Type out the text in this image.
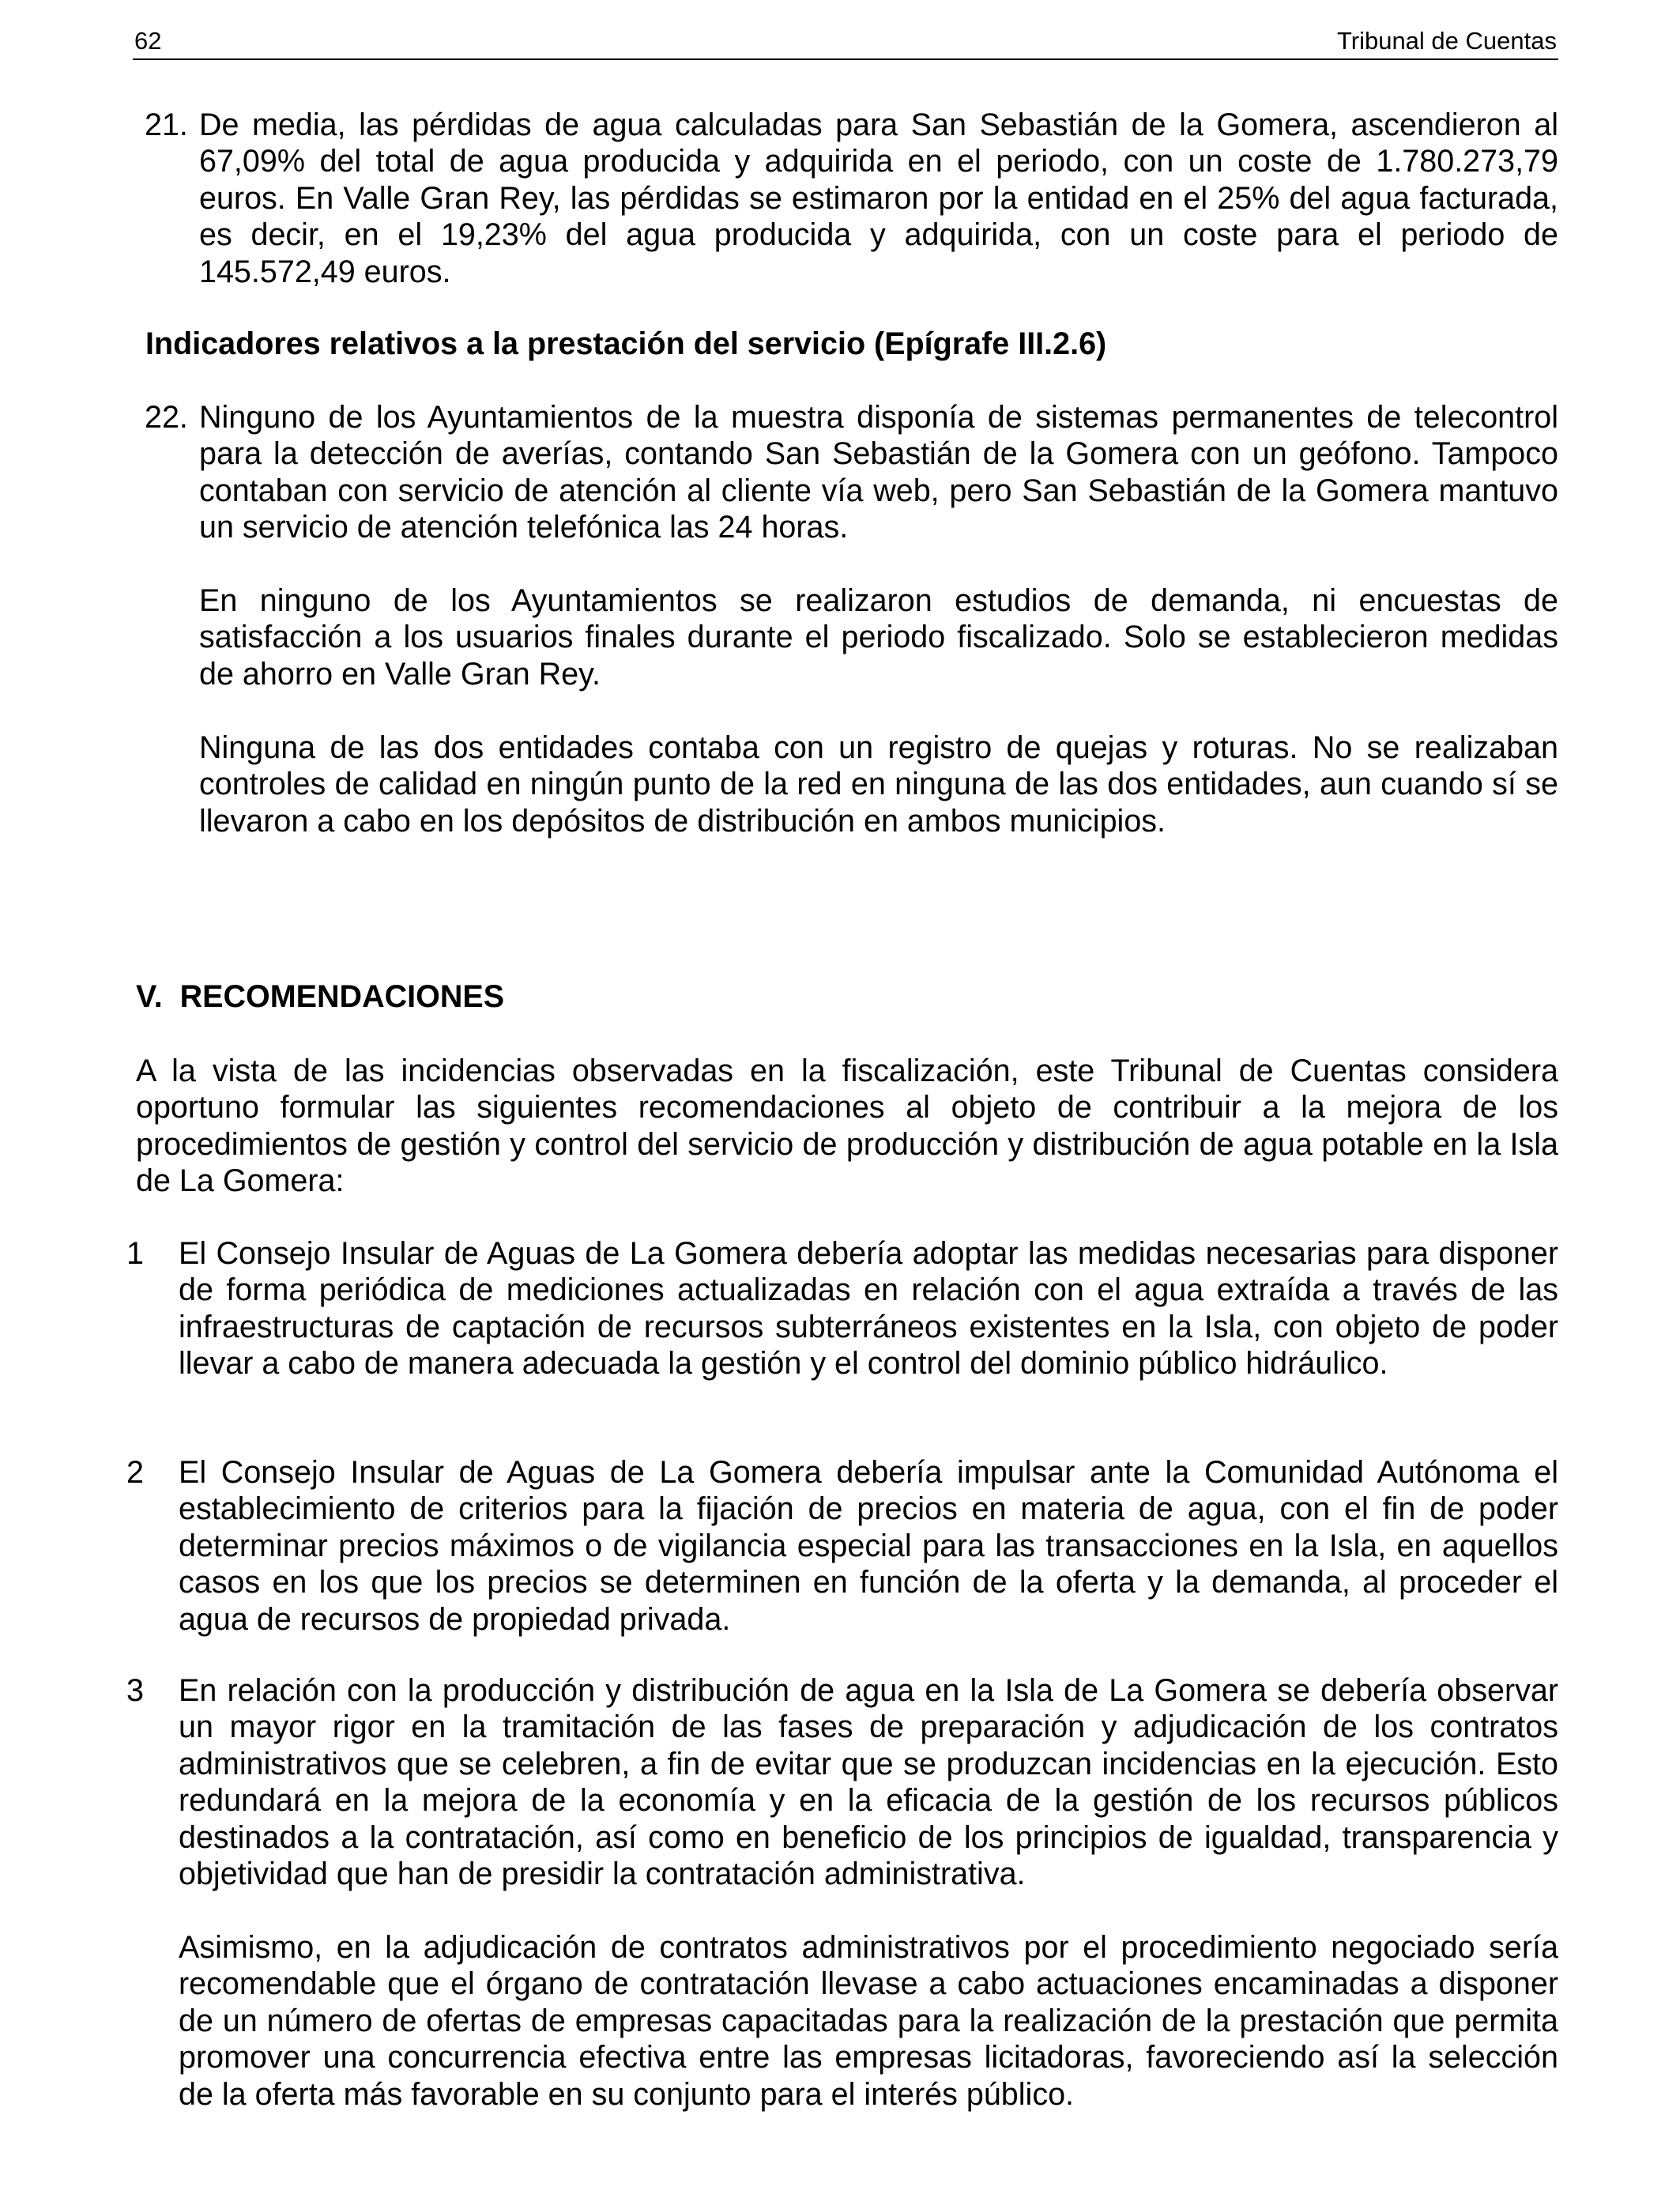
62	Tribunal de Cuentas
21. De media, las pérdidas de agua calculadas para San Sebastián de la Gomera, ascendieron al 67,09% del total de agua producida y adquirida en el periodo, con un coste de 1.780.273,79 euros. En Valle Gran Rey, las pérdidas se estimaron por la entidad en el 25% del agua facturada, es decir, en el 19,23% del agua producida y adquirida, con un coste para el periodo de 145.572,49 euros.

Indicadores relativos a la prestación del servicio (Epígrafe III.2.6)
22. Ninguno de los Ayuntamientos de la muestra disponía de sistemas permanentes de telecontrol para la detección de averías, contando San Sebastián de la Gomera con un geófono. Tampoco contaban con servicio de atención al cliente vía web, pero San Sebastián de la Gomera mantuvo un servicio de atención telefónica las 24 horas.

En ninguno de los Ayuntamientos se realizaron estudios de demanda, ni encuestas de satisfacción a los usuarios finales durante el periodo fiscalizado. Solo se establecieron medidas de ahorro en Valle Gran Rey.

Ninguna de las dos entidades contaba con un registro de quejas y roturas. No se realizaban controles de calidad en ningún punto de la red en ninguna de las dos entidades, aun cuando sí se llevaron a cabo en los depósitos de distribución en ambos municipios.

V.  RECOMENDACIONES

A la vista de las incidencias observadas en la fiscalización, este Tribunal de Cuentas considera oportuno formular las siguientes recomendaciones al objeto de contribuir a la mejora de los procedimientos de gestión y control del servicio de producción y distribución de agua potable en la Isla de La Gomera:

1 El Consejo Insular de Aguas de La Gomera debería adoptar las medidas necesarias para disponer de forma periódica de mediciones actualizadas en relación con el agua extraída a través de las infraestructuras de captación de recursos subterráneos existentes en la Isla, con objeto de poder llevar a cabo de manera adecuada la gestión y el control del dominio público hidráulico.

2 El Consejo Insular de Aguas de La Gomera debería impulsar ante la Comunidad Autónoma el establecimiento de criterios para la fijación de precios en materia de agua, con el fin de poder determinar precios máximos o de vigilancia especial para las transacciones en la Isla, en aquellos casos en los que los precios se determinen en función de la oferta y la demanda, al proceder el agua de recursos de propiedad privada.

3 En relación con la producción y distribución de agua en la Isla de La Gomera se debería observar un mayor rigor en la tramitación de las fases de preparación y adjudicación de los contratos administrativos que se celebren, a fin de evitar que se produzcan incidencias en la ejecución. Esto redundará en la mejora de la economía y en la eficacia de la gestión de los recursos públicos destinados a la contratación, así como en beneficio de los principios de igualdad, transparencia y objetividad que han de presidir la contratación administrativa.

Asimismo, en la adjudicación de contratos administrativos por el procedimiento negociado sería recomendable que el órgano de contratación llevase a cabo actuaciones encaminadas a disponer de un número de ofertas de empresas capacitadas para la realización de la prestación que permita promover una concurrencia efectiva entre las empresas licitadoras, favoreciendo así la selección de la oferta más favorable en su conjunto para el interés público.
